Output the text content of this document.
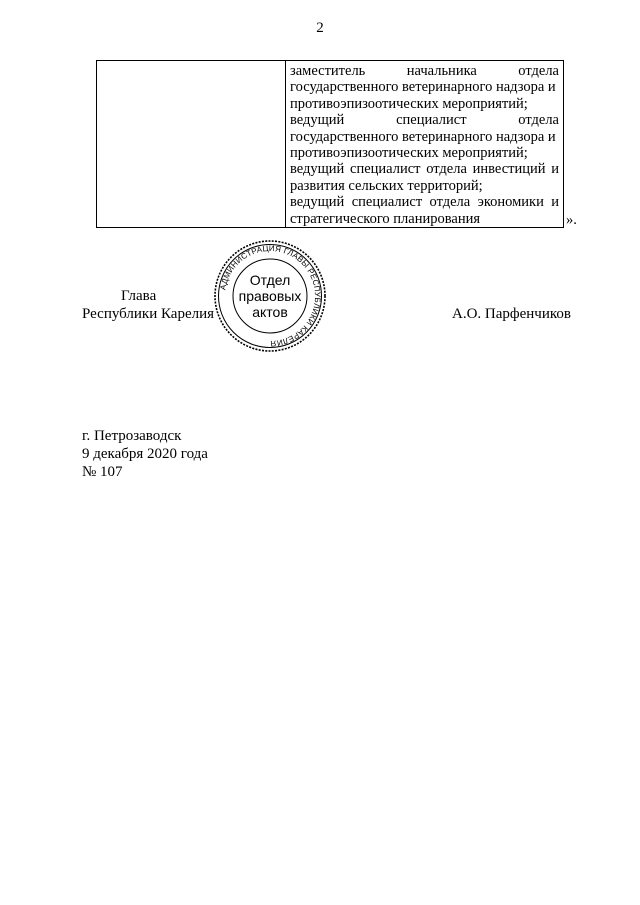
2

заместитель начальника отдела
государственного ветеринарного надзора и
противоэпизоотических мероприятий;
ведущий специалист отдела
государственного ветеринарного надзора и
противоэпизоотических мероприятий;
ведущий специалист отдела инвестиций и
развития сельских территорий;
ведущий специалист отдела экономики и
стратегического планирования	».
Глава
Республики Карелия	А.О. Парфенчиков
АДМИНИСТРАЦИЯ ГЛАВЫ РЕСПУБЛИКИ КАРЕЛИЯ
Отдел
правовых
актов
г. Петрозаводск
9 декабря 2020 года
№ 107
